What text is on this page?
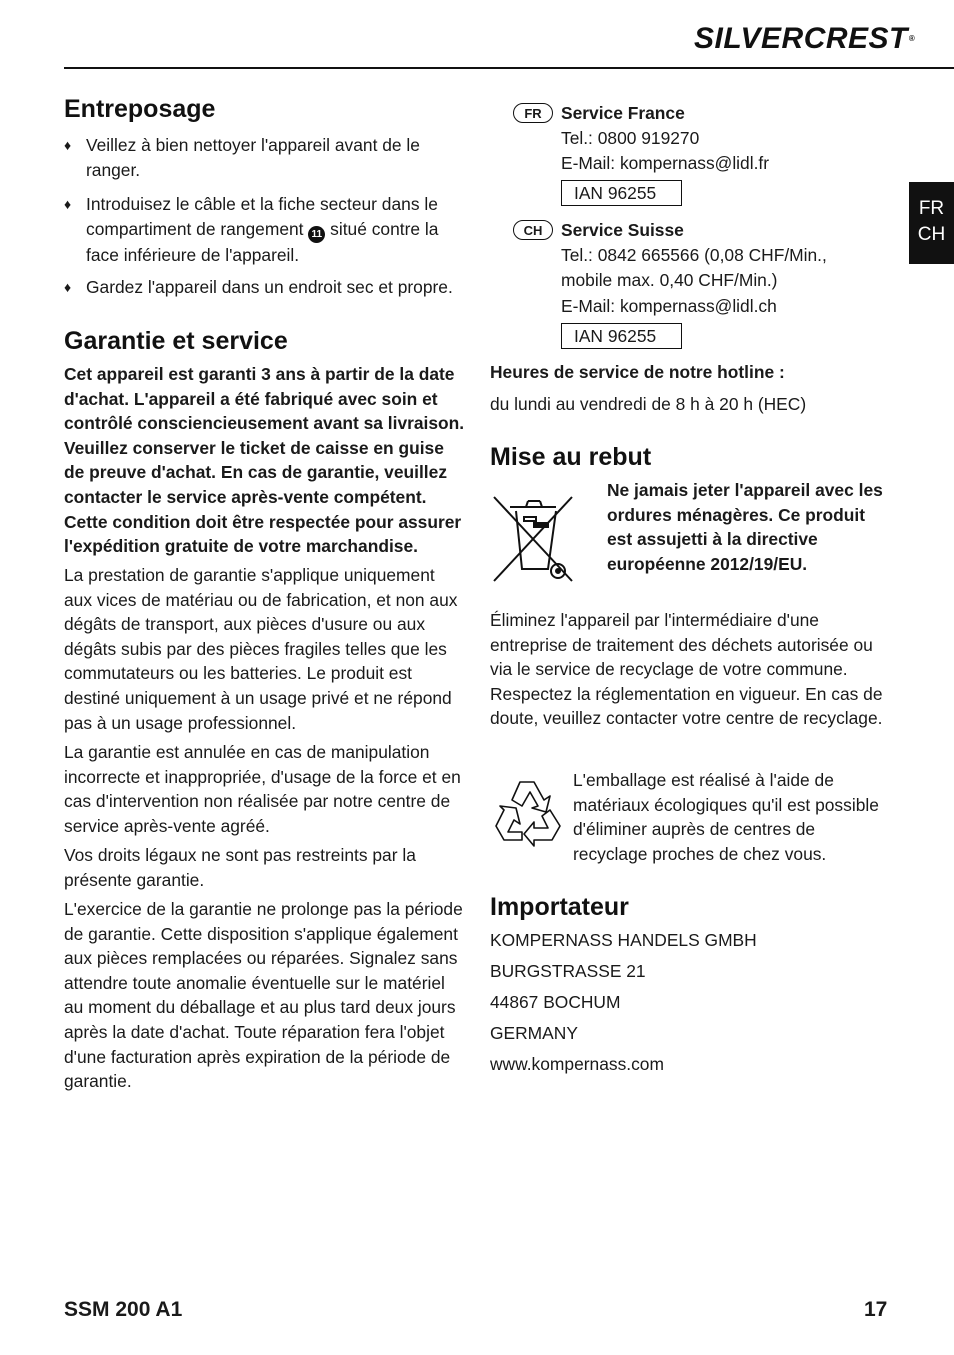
SILVERCREST®
FR
CH
Entreposage
♦ Veillez à bien nettoyer l'appareil avant de le ranger.
♦ Introduisez le câble et la fiche secteur dans le compartiment de rangement 11 situé contre la face inférieure de l'appareil.
♦ Gardez l'appareil dans un endroit sec et propre.
Garantie et service

Cet appareil est garanti 3 ans à partir de la date d'achat. L'appareil a été fabriqué avec soin et contrôlé consciencieusement avant sa livraison. Veuillez conserver le ticket de caisse en guise de preuve d'achat. En cas de garantie, veuillez contacter le service après-vente compétent. Cette condition doit être respectée pour assurer l'expédition gratuite de votre marchandise.

La prestation de garantie s'applique uniquement aux vices de matériau ou de fabrication, et non aux dégâts de transport, aux pièces d'usure ou aux dégâts subis par des pièces fragiles telles que les commutateurs ou les batteries. Le produit est destiné uniquement à un usage privé et ne répond pas à un usage professionnel.

La garantie est annulée en cas de manipulation incorrecte et inappropriée, d'usage de la force et en cas d'intervention non réalisée par notre centre de service après-vente agréé.

Vos droits légaux ne sont pas restreints par la présente garantie.

L'exercice de la garantie ne prolonge pas la période de garantie. Cette disposition s'applique également aux pièces remplacées ou réparées. Signalez sans attendre toute anomalie éventuelle sur le matériel au moment du déballage et au plus tard deux jours après la date d'achat. Toute réparation fera l'objet d'une facturation après expiration de la période de garantie.

FR	Service France
Tel.: 0800 919270
E-Mail: kompernass@lidl.fr
IAN 96255
CH	Service Suisse
Tel.: 0842 665566 (0,08 CHF/Min.,
mobile max. 0,40 CHF/Min.)
E-Mail: kompernass@lidl.ch
IAN 96255
Heures de service de notre hotline :
du lundi au vendredi de 8 h à 20 h (HEC)
Mise au rebut

Ne jamais jeter l'appareil avec les ordures ménagères. Ce produit est assujetti à la directive européenne 2012/19/EU.

Éliminez l'appareil par l'intermédiaire d'une entreprise de traitement des déchets autorisée ou via le service de recyclage de votre commune. Respectez la réglementation en vigueur. En cas de doute, veuillez contacter votre centre de recyclage.

L'emballage est réalisé à l'aide de matériaux écologiques qu'il est possible d'éliminer auprès de centres de recyclage proches de chez vous.

Importateur
KOMPERNASS HANDELS GMBH
BURGSTRASSE 21
44867 BOCHUM
GERMANY
www.kompernass.com
SSM 200 A1	17
